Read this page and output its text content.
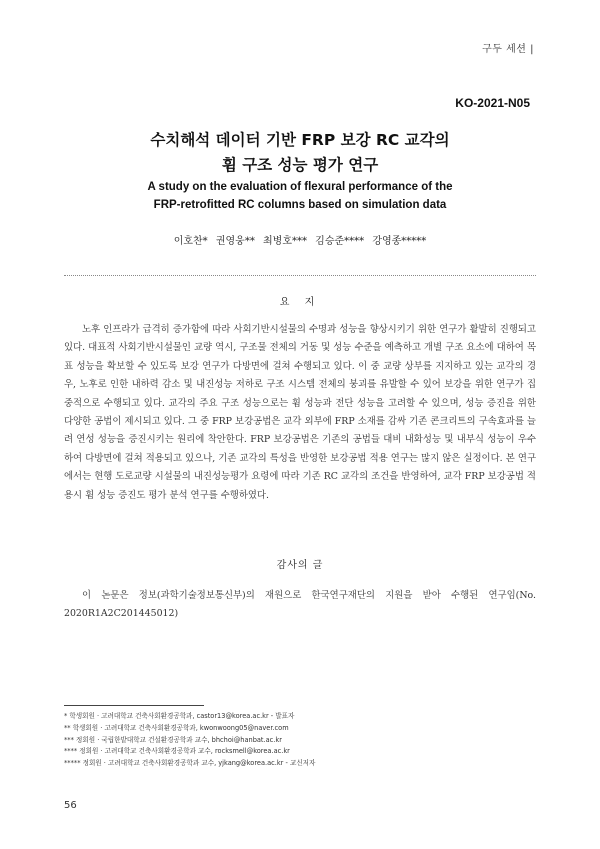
구두 세션 |
KO-2021-N05
수치해석 데이터 기반 FRP 보강 RC 교각의
휨 구조 성능 평가 연구
A study on the evaluation of flexural performance of the
FRP-retrofitted RC columns based on simulation data
이호찬* 권영웅** 최병호*** 김승준**** 강영종*****
요 지

노후 인프라가 급격히 증가함에 따라 사회기반시설물의 수명과 성능을 향상시키기 위한 연구가 활발히 진행되고 있다. 대표적 사회기반시설물인 교량 역시, 구조물 전체의 거동 및 성능 수준을 예측하고 개별 구조 요소에 대하여 목표 성능을 확보할 수 있도록 보강 연구가 다방면에 걸쳐 수행되고 있다. 이 중 교량 상부를 지지하고 있는 교각의 경우, 노후로 인한 내하력 감소 및 내진성능 저하로 구조 시스템 전체의 붕괴를 유발할 수 있어 보강을 위한 연구가 집중적으로 수행되고 있다. 교각의 주요 구조 성능으로는 휨 성능과 전단 성능을 고려할 수 있으며, 성능 증진을 위한 다양한 공법이 제시되고 있다. 그 중 FRP 보강공법은 교각 외부에 FRP 소재를 감싸 기존 콘크리트의 구속효과를 늘려 연성 성능을 증진시키는 원리에 착안한다. FRP 보강공법은 기존의 공법들 대비 내화성능 및 내부식 성능이 우수하여 다방면에 걸쳐 적용되고 있으나, 기존 교각의 특성을 반영한 보강공법 적용 연구는 많지 않은 실정이다. 본 연구에서는 현행 도로교량 시설물의 내진성능평가 요령에 따라 기존 RC 교각의 조건을 반영하여, 교각 FRP 보강공법 적용시 휨 성능 증진도 평가 분석 연구를 수행하였다.

감사의 글

이 논문은 정보(과학기술정보통신부)의 재원으로 한국연구재단의 지원을 받아 수행된 연구임(No. 2020R1A2C201445012)

* 학생회원 · 고려대학교 건축사회환경공학과, castor13@korea.ac.kr - 발표자
** 학생회원 · 고려대학교 건축사회환경공학과, kwonwoong05@naver.com
*** 정회원 · 국립한밭대학교 건설환경공학과 교수, bhchoi@hanbat.ac.kr
**** 정회원 · 고려대학교 건축사회환경공학과 교수, rocksmell@korea.ac.kr
***** 정회원 · 고려대학교 건축사회환경공학과 교수, yjkang@korea.ac.kr - 교신저자
56
